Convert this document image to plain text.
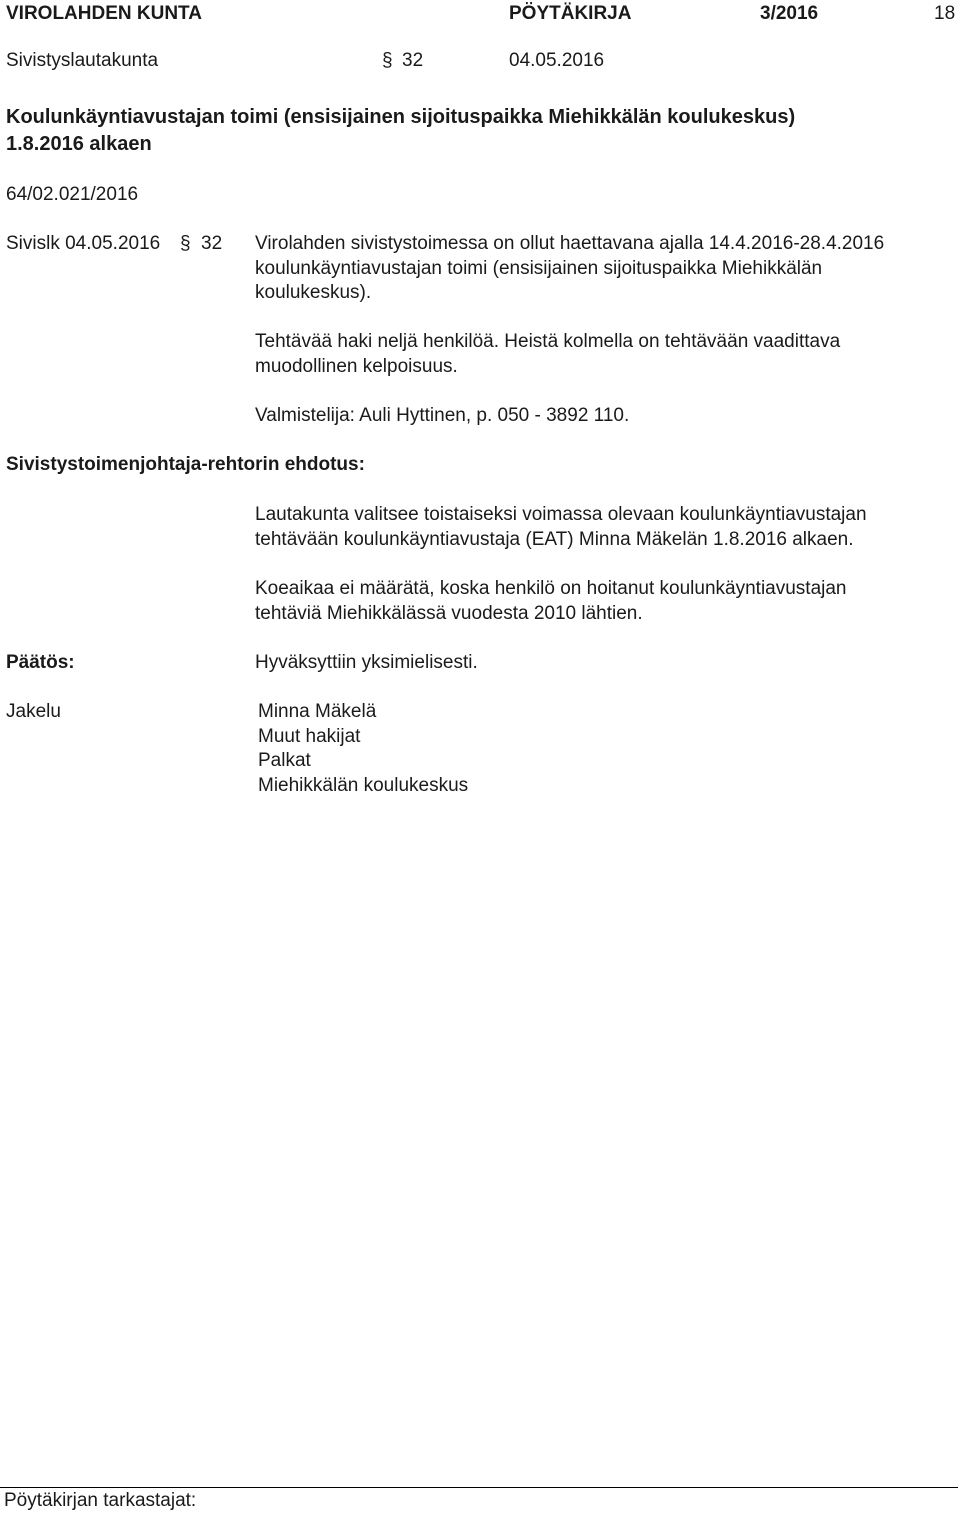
VIROLAHDEN KUNTA	PÖYTÄKIRJA	3/2016	18
Sivistyslautakunta	§ 32	04.05.2016
Koulunkäyntiavustajan toimi (ensisijainen sijoituspaikka Miehikkälän koulukeskus)
1.8.2016 alkaen
64/02.021/2016
Sivislk 04.05.2016 § 32 Virolahden sivistystoimessa on ollut haettavana ajalla 14.4.2016-28.4.2016
koulunkäyntiavustajan toimi (ensisijainen sijoituspaikka Miehikkälän
koulukeskus).
Tehtävää haki neljä henkilöä. Heistä kolmella on tehtävään vaadittava
muodollinen kelpoisuus.
Valmistelija: Auli Hyttinen, p. 050 - 3892 110.
Sivistystoimenjohtaja-rehtorin ehdotus:
Lautakunta valitsee toistaiseksi voimassa olevaan koulunkäyntiavustajan
tehtävään koulunkäyntiavustaja (EAT) Minna Mäkelän 1.8.2016 alkaen.
Koeaikaa ei määrätä, koska henkilö on hoitanut koulunkäyntiavustajan
tehtäviä Miehikkälässä vuodesta 2010 lähtien.
Päätös:	Hyväksyttiin yksimielisesti.
Jakelu	Minna Mäkelä
Muut hakijat
Palkat
Miehikkälän koulukeskus
Pöytäkirjan tarkastajat:
